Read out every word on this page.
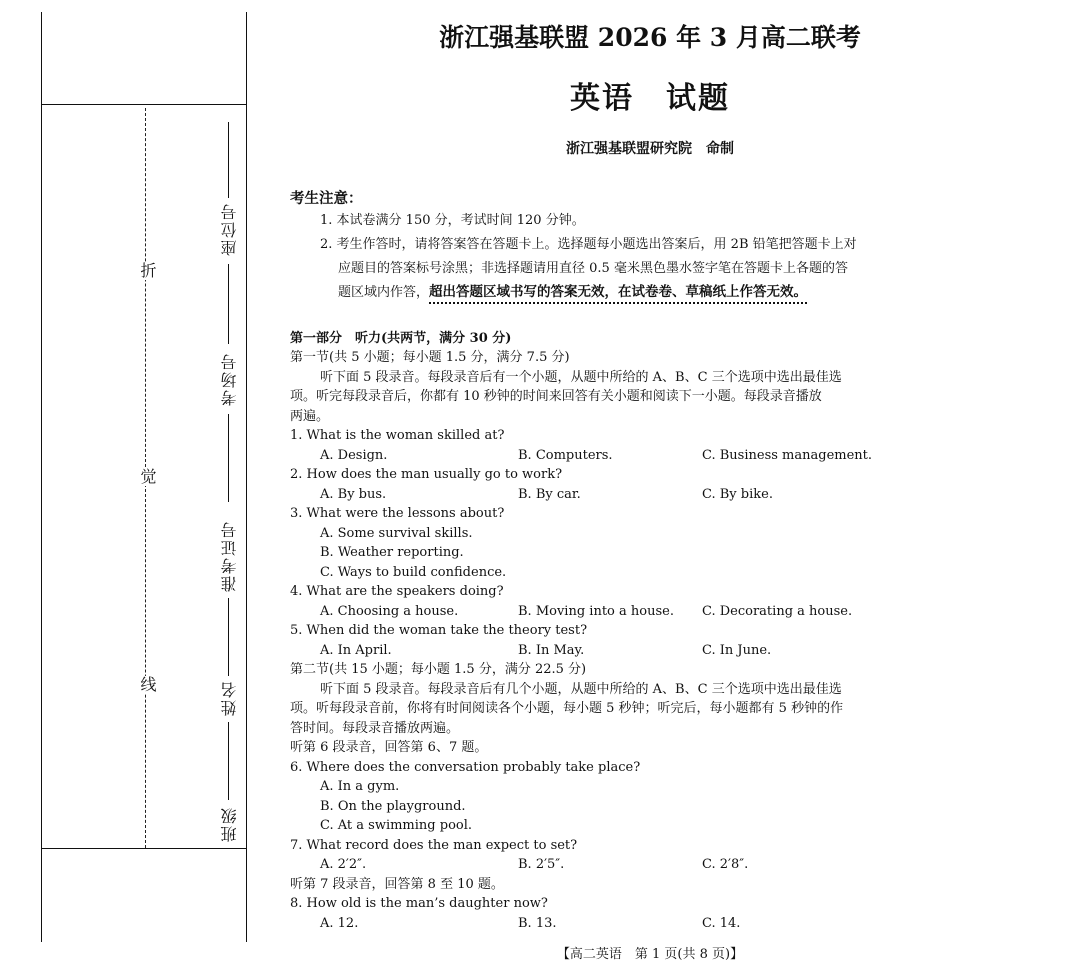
折
觉
线
座位号
考场号
准考证号
姓名
班级
浙江强基联盟 2026 年 3 月高二联考
英语　试题
浙江强基联盟研究院　命制
考生注意：
1. 本试卷满分 150 分，考试时间 120 分钟。
2. 考生作答时，请将答案答在答题卡上。选择题每小题选出答案后，用 2B 铅笔把答题卡上对
应题目的答案标号涂黑；非选择题请用直径 0.5 毫米黑色墨水签字笔在答题卡上各题的答
题区域内作答，超出答题区域书写的答案无效，在试卷卷、草稿纸上作答无效。
第一部分　听力(共两节，满分 30 分)
第一节(共 5 小题；每小题 1.5 分，满分 7.5 分)
听下面 5 段录音。每段录音后有一个小题，从题中所给的 A、B、C 三个选项中选出最佳选
项。听完每段录音后，你都有 10 秒钟的时间来回答有关小题和阅读下一小题。每段录音播放
两遍。
1. What is the woman skilled at?
A. Design.	B. Computers.	C. Business management.
2. How does the man usually go to work?
A. By bus.	B. By car.	C. By bike.
3. What were the lessons about?
A. Some survival skills.
B. Weather reporting.
C. Ways to build confidence.
4. What are the speakers doing?
A. Choosing a house.	B. Moving into a house. C. Decorating a house.
5. When did the woman take the theory test?
A. In April.	B. In May.	C. In June.
第二节(共 15 小题；每小题 1.5 分，满分 22.5 分)
听下面 5 段录音。每段录音后有几个小题，从题中所给的 A、B、C 三个选项中选出最佳选
项。听每段录音前，你将有时间阅读各个小题，每小题 5 秒钟；听完后，每小题都有 5 秒钟的作
答时间。每段录音播放两遍。
听第 6 段录音，回答第 6、7 题。
6. Where does the conversation probably take place?
A. In a gym.
B. On the playground.
C. At a swimming pool.
7. What record does the man expect to set?
A. 2′2″.	B. 2′5″.	C. 2′8″.
听第 7 段录音，回答第 8 至 10 题。
8. How old is the man’s daughter now?
A. 12.	B. 13.	C. 14.
【高二英语　第 1 页(共 8 页)】
